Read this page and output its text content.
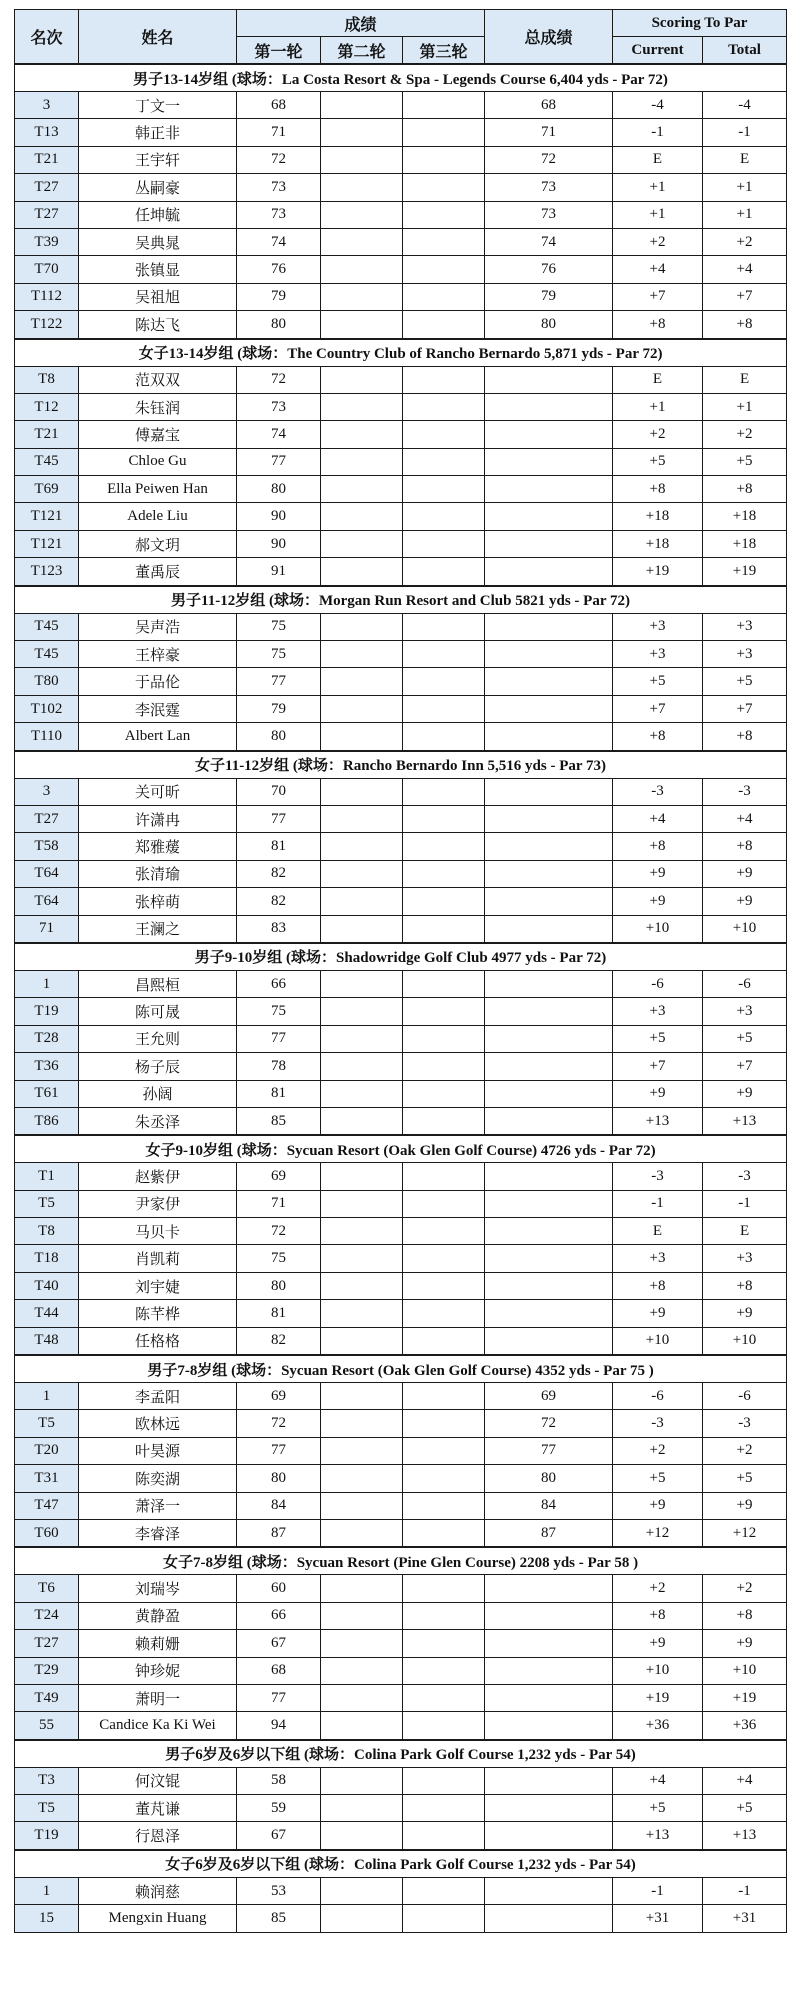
名次	姓名	成绩			总成绩	Scoring To Par	
		第一轮	第二轮	第三轮		Current	Total
男子13-14岁组 (球场：La Costa Resort & Spa - Legends Course 6,404 yds - Par 72)							
3	丁文一	68			68	-4	-4
T13	韩正非	71			71	-1	-1
T21	王宇轩	72			72	E	E
T27	丛嗣豪	73			73	+1	+1
T27	任坤毓	73			73	+1	+1
T39	吴典晁	74			74	+2	+2
T70	张镇显	76			76	+4	+4
T112	吴祖旭	79			79	+7	+7
T122	陈达飞	80			80	+8	+8
女子13-14岁组 (球场：The Country Club of Rancho Bernardo 5,871 yds - Par 72)							
T8	范双双	72				E	E
T12	朱钰润	73				+1	+1
T21	傅嘉宝	74				+2	+2
T45	Chloe Gu	77				+5	+5
T69	Ella Peiwen Han	80				+8	+8
T121	Adele Liu	90				+18	+18
T121	郝文玥	90				+18	+18
T123	董禹辰	91				+19	+19
男子11-12岁组 (球场：Morgan Run Resort and Club 5821 yds - Par 72)							
T45	吴声浩	75				+3	+3
T45	王梓豪	75				+3	+3
T80	于品伦	77				+5	+5
T102	李泯霆	79				+7	+7
T110	Albert Lan	80				+8	+8
女子11-12岁组 (球场：Rancho Bernardo Inn 5,516 yds - Par 73)							
3	关可昕	70				-3	-3
T27	许潇冉	77				+4	+4
T58	郑雅蕿	81				+8	+8
T64	张清瑜	82				+9	+9
T64	张梓萌	82				+9	+9
71	王澜之	83				+10	+10
男子9-10岁组 (球场：Shadowridge Golf Club 4977 yds - Par 72)							
1	昌熙桓	66				-6	-6
T19	陈可晟	75				+3	+3
T28	王允则	77				+5	+5
T36	杨子辰	78				+7	+7
T61	孙阔	81				+9	+9
T86	朱丞泽	85				+13	+13
女子9-10岁组 (球场：Sycuan Resort (Oak Glen Golf Course) 4726 yds - Par 72)							
T1	赵紫伊	69				-3	-3
T5	尹家伊	71				-1	-1
T8	马贝卡	72				E	E
T18	肖凯莉	75				+3	+3
T40	刘宇婕	80				+8	+8
T44	陈芊桦	81				+9	+9
T48	任格格	82				+10	+10
男子7-8岁组 (球场：Sycuan Resort (Oak Glen Golf Course) 4352 yds - Par 75 )							
1	李孟阳	69			69	-6	-6
T5	欧林远	72			72	-3	-3
T20	叶昊源	77			77	+2	+2
T31	陈奕湖	80			80	+5	+5
T47	萧泽一	84			84	+9	+9
T60	李睿泽	87			87	+12	+12
女子7-8岁组 (球场：Sycuan Resort (Pine Glen Course) 2208 yds - Par 58 )							
T6	刘瑞岑	60				+2	+2
T24	黄静盈	66				+8	+8
T27	赖莉姗	67				+9	+9
T29	钟珍妮	68				+10	+10
T49	萧明一	77				+19	+19
55	Candice Ka Ki Wei	94				+36	+36
男子6岁及6岁以下组 (球场：Colina Park Golf Course 1,232 yds - Par 54)							
T3	何汶锟	58				+4	+4
T5	董芃谦	59				+5	+5
T19	行恩泽	67				+13	+13
女子6岁及6岁以下组 (球场：Colina Park Golf Course 1,232 yds - Par 54)							
1	赖润慈	53				-1	-1
15	Mengxin Huang	85				+31	+31
